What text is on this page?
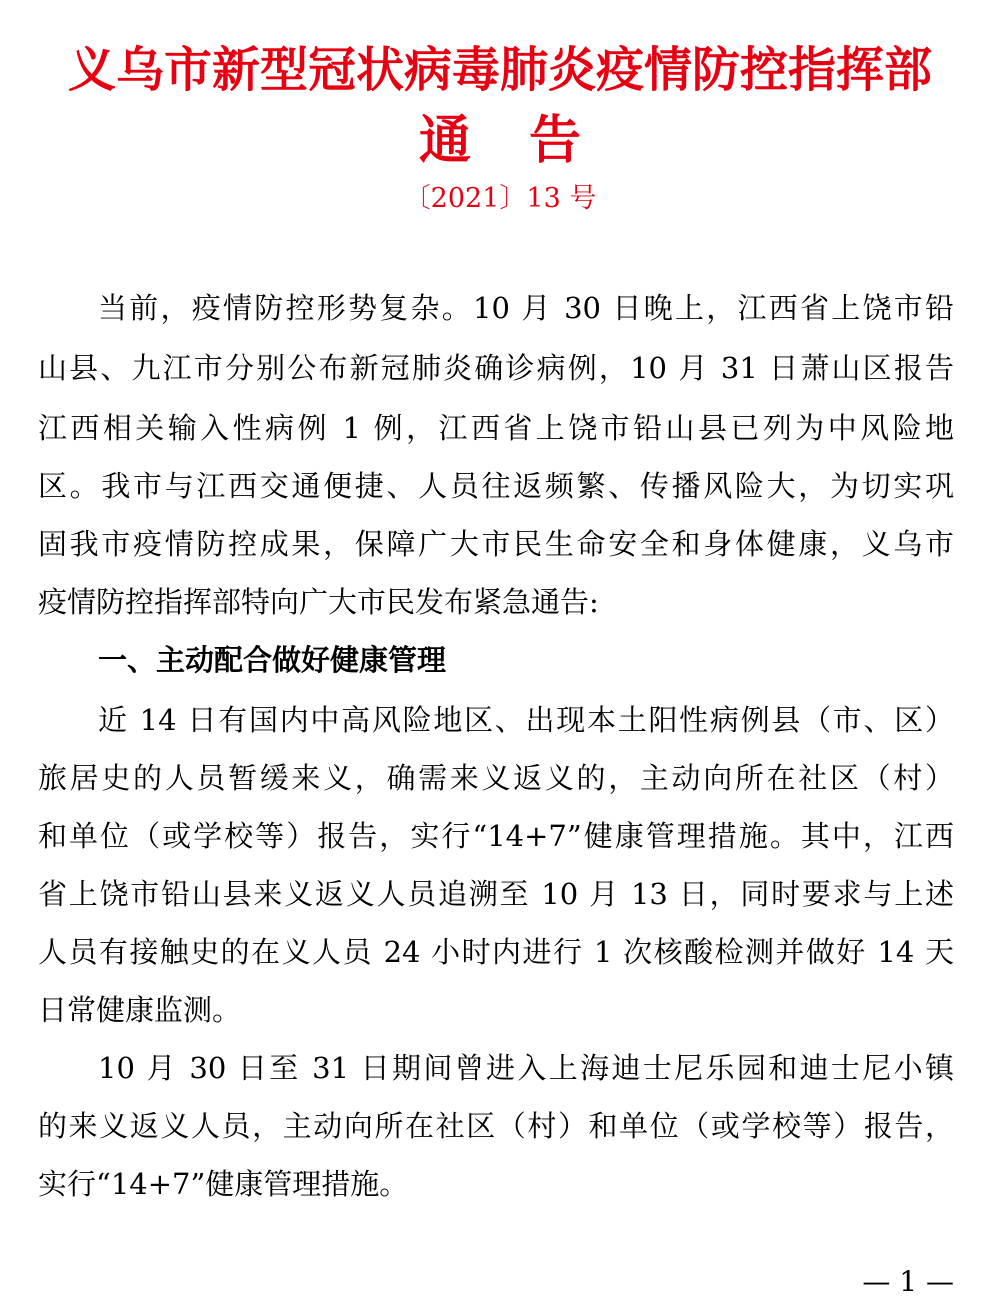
义乌市新型冠状病毒肺炎疫情防控指挥部
通 告
〔2021〕13 号
当前，疫情防控形势复杂。10 月 30 日晚上，江西省上饶市铅
山县、九江市分别公布新冠肺炎确诊病例，10 月 31 日萧山区报告
江西相关输入性病例 1 例，江西省上饶市铅山县已列为中风险地
区。我市与江西交通便捷、人员往返频繁、传播风险大，为切实巩
固我市疫情防控成果，保障广大市民生命安全和身体健康，义乌市
疫情防控指挥部特向广大市民发布紧急通告:
一、主动配合做好健康管理
近 14 日有国内中高风险地区、出现本土阳性病例县（市、区）
旅居史的人员暂缓来义，确需来义返义的，主动向所在社区（村）
和单位（或学校等）报告，实行“14+7”健康管理措施。其中，江西
省上饶市铅山县来义返义人员追溯至 10 月 13 日，同时要求与上述
人员有接触史的在义人员 24 小时内进行 1 次核酸检测并做好 14 天
日常健康监测。
10 月 30 日至 31 日期间曾进入上海迪士尼乐园和迪士尼小镇
的来义返义人员，主动向所在社区（村）和单位（或学校等）报告，
实行“14+7”健康管理措施。
— 1 —
